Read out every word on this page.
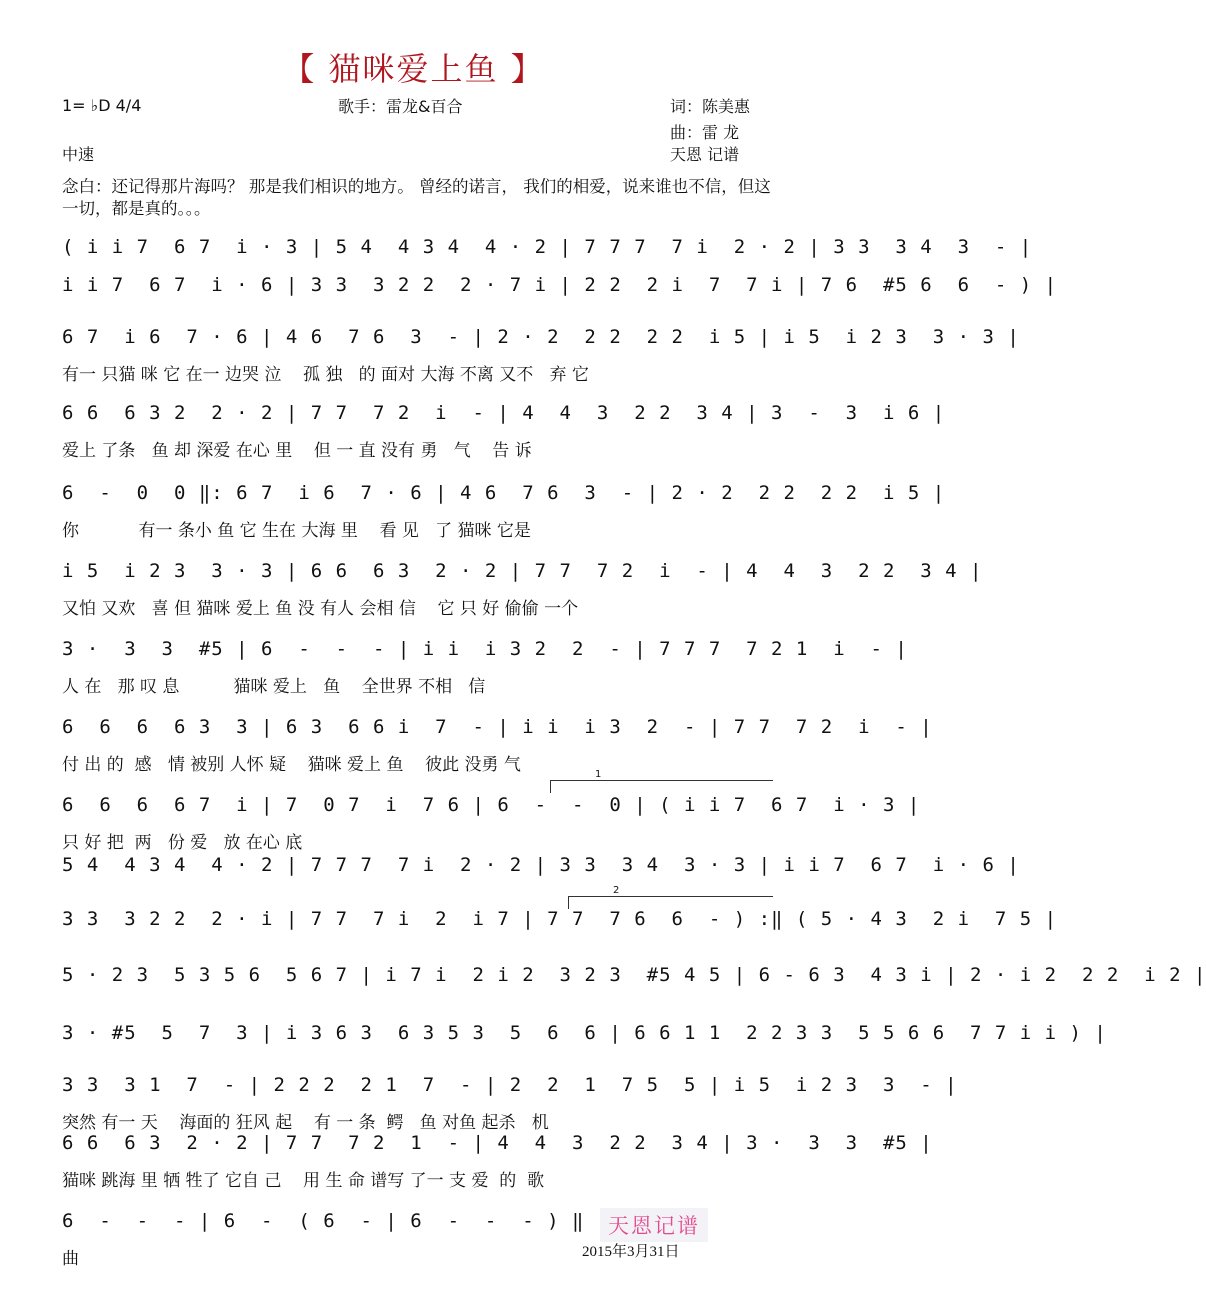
【 猫咪爱上鱼 】
1= ♭D 4/4	歌手：雷龙&百合	词：陈美惠
曲：雷 龙
中速	天恩 记谱
念白：还记得那片海吗？ 那是我们相识的地方。 曾经的诺言， 我们的相爱，说来谁也不信，但这一切，都是真的。。。
( i i 7  6 7  i · 3 | 5 4  4 3 4  4 · 2 | 7 7 7  7 i  2 · 2 | 3 3  3 4  3  - |
i i 7  6 7  i · 6 | 3 3  3 2 2  2 · 7 i | 2 2  2 i  7  7 i | 7 6  #5 6  6  - ) |
6 7  i 6  7 · 6 | 4 6  7 6  3  - | 2 · 2  2 2  2 2  i 5 | i 5  i 2 3  3 · 3 |
有一 只猫 咪 它 在一 边哭 泣    孤 独   的 面对 大海 不离 又不   弃 它
6 6  6 3 2  2 · 2 | 7 7  7 2  i  - | 4  4  3  2 2  3 4 | 3  -  3  i 6 |
爱上 了条   鱼 却 深爱 在心 里    但 一 直 没有 勇   气    告 诉
6  -  0  0 ‖: 6 7  i 6  7 · 6 | 4 6  7 6  3  - | 2 · 2  2 2  2 2  i 5 |
你           有一 条小 鱼 它 生在 大海 里    看 见   了 猫咪 它是
i 5  i 2 3  3 · 3 | 6 6  6 3  2 · 2 | 7 7  7 2  i  - | 4  4  3  2 2  3 4 |
又怕 又欢   喜 但 猫咪 爱上 鱼 没 有人 会相 信    它 只 好 偷偷 一个
3 ·  3  3  #5 | 6  -  -  - | i i  i 3 2  2  - | 7 7 7  7 2 1  i  - |
人 在   那 叹 息          猫咪 爱上   鱼    全世界 不相   信
6  6  6  6 3  3 | 6 3  6 6 i  7  - | i i  i 3  2  - | 7 7  7 2  i  - |
付 出 的  感   情 被别 人怀 疑    猫咪 爱上 鱼    彼此 没勇 气
6  6  6  6 7  i | 7  0 7  i  7 6 | 6  -  -  0 | ( i i 7  6 7  i · 3 |
只 好 把  两   份 爱   放 在心 底
5 4  4 3 4  4 · 2 | 7 7 7  7 i  2 · 2 | 3 3  3 4  3 · 3 | i i 7  6 7  i · 6 |
3 3  3 2 2  2 · i | 7 7  7 i  2  i 7 | 7 7  7 6  6  - ) :‖ ( 5 · 4 3  2 i  7 5 |
5 · 2 3  5 3 5 6  5 6 7 | i 7 i  2 i 2  3 2 3  #5 4 5 | 6 - 6 3  4 3 i | 2 · i 2  2 2  i 2 |
3 · #5  5  7  3 | i 3 6 3  6 3 5 3  5  6  6 | 6 6 1 1  2 2 3 3  5 5 6 6  7 7 i i ) |
3 3  3 1  7  - | 2 2 2  2 1  7  - | 2  2  1  7 5  5 | i 5  i 2 3  3  - |
突然 有一 天    海面的 狂风 起    有 一 条  鳄   鱼 对鱼 起杀   机
6 6  6 3  2 · 2 | 7 7  7 2  1  - | 4  4  3  2 2  3 4 | 3 ·  3  3  #5 |
猫咪 跳海 里 牺 牲了 它自 己    用 生 命 谱写 了一 支 爱  的  歌
6  -  -  - | 6  -  ( 6  - | 6  -  -  - ) ‖
曲
1
2
天恩记谱
2015年3月31日
